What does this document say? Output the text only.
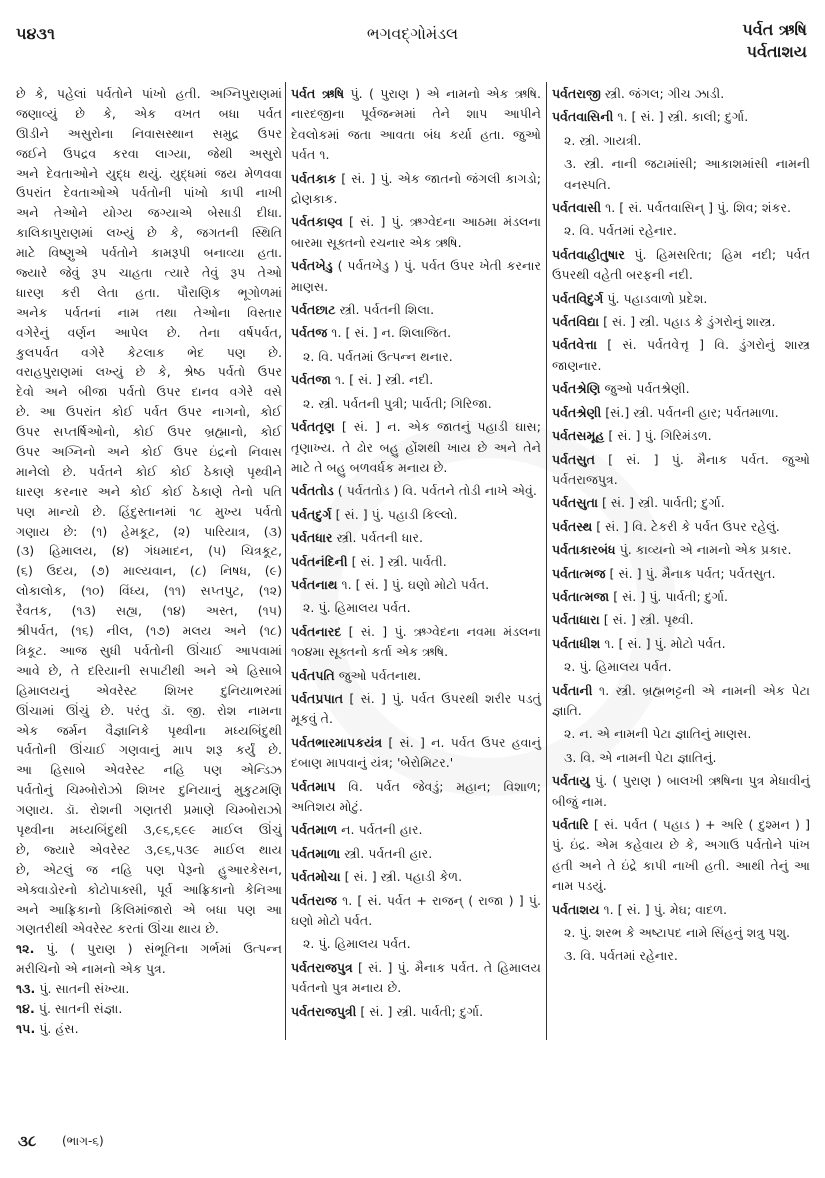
૫૪૩૧	ભગવદ્ગોમંડલ	પર્વત ઋષિ
પર્વતાશય
છે કે, પહેલાં પર્વતોને પાંખો હતી. અગ્નિપુરાણમાં
જણાવ્યું છે કે, એક વખત બધા પર્વત
ઊડીને અસુરોના નિવાસસ્થાન સમુદ્ર ઉપર
જઈને ઉપદ્રવ કરવા લાગ્યા, જેથી અસુરો
અને દેવતાઓને યુદ્ધ થયું. યુદ્ધમાં જય મેળવવા
ઉપરાંત દેવતાઓએ પર્વતોની પાંખો કાપી નાખી
અને તેઓને યોગ્ય જગ્યાએ બેસાડી દીધા.
કાલિકાપુરાણમાં લખ્યું છે કે, જગતની સ્થિતિ
માટે વિષ્ણુએ પર્વતોને કામરૂપી બનાવ્યા હતા.
જ્યારે જેવું રૂપ ચાહતા ત્યારે તેવું રૂપ તેઓ
ધારણ કરી લેતા હતા. પૌરાણિક ભૂગોળમાં
અનેક પર્વતનાં નામ તથા તેઓના વિસ્તાર
વગેરેનું વર્ણન આપેલ છે. તેના વર્ષપર્વત,
કુલપર્વત વગેરે કેટલાક ભેદ પણ છે.
વરાહપુરાણમાં લખ્યું છે કે, શ્રેષ્ઠ પર્વતો ઉપર
દેવો અને બીજા પર્વતો ઉપર દાનવ વગેરે વસે
છે. આ ઉપરાંત કોઈ પર્વત ઉપર નાગનો, કોઈ
ઉપર સપ્તર્ષિઓનો, કોઈ ઉપર બ્રહ્માનો, કોઈ
ઉપર અગ્નિનો અને કોઈ ઉપર ઇંદ્રનો નિવાસ
માનેલો છે. પર્વતને કોઈ કોઈ ઠેકાણે પૃથ્વીને
ધારણ કરનાર અને કોઈ કોઈ ઠેકાણે તેનો પતિ
પણ માન્યો છે. હિંદુસ્તાનમાં ૧૮ મુખ્ય પર્વતો
ગણાય છે: (૧) હેમકૂટ, (૨) પારિયાત્ર, (૩)
(૩) હિમાલય, (૪) ગંધમાદન, (૫) ચિત્રકૂટ,
(૬) ઉદય, (૭) માલ્યવાન, (૮) નિષધ, (૯)
લોકાલોક, (૧૦) વિંધ્ય, (૧૧) સપ્તપુટ, (૧૨)
રૈવતક, (૧૩) સહ્ય, (૧૪) અસ્ત, (૧૫)
શ્રીપર્વત, (૧૬) નીલ, (૧૭) મલય અને (૧૮)
ત્રિકૂટ. આજ સુધી પર્વતોની ઊંચાઈ આપવામાં
આવે છે, તે દરિયાની સપાટીથી અને એ હિસાબે
હિમાલયનું એવરેસ્ટ શિખર દુનિયાભરમાં
ઊંચામાં ઊંચું છે. પરંતુ ડૉ. જી. રોશ નામના
એક જર્મન વૈજ્ઞાનિકે પૃથ્વીના મધ્યબિંદુથી
પર્વતોની ઊંચાઈ ગણવાનું માપ શરૂ કર્યું છે.
આ હિસાબે એવરેસ્ટ નહિ પણ એન્ડિઝ
પર્વતોનું ચિમ્બોરોઝો શિખર દુનિયાનું મુકુટમણિ
ગણાય. ડૉ. રોશની ગણતરી પ્રમાણે ચિમ્બોરાઝો
પૃથ્વીના મધ્યબિંદુથી ૩,૯૬,૬૯૯ માઈલ ઊંચું
છે, જ્યારે એવરેસ્ટ ૩,૯૬,૫૩૯ માઈલ થાય
છે, એટલું જ નહિ પણ પેરૂનો હુઆરકેસન,
એક્વાડોરનો કોટોપાક્સી, પૂર્વ આફ્રિકાનો કેનિઆ
અને આફ્રિકાનો કિલિમાંજારો એ બધા પણ આ
ગણતરીથી એવરેસ્ટ કરતાં ઊંચા થાય છે.
૧૨. પું. ( પુરાણ ) સંભૂતિના ગર્ભમાં ઉત્પન્ન
મરીચિનો એ નામનો એક પુત્ર.
૧૩. પું. સાતની સંખ્યા.
૧૪. પું. સાતની સંજ્ઞા.
૧૫. પું. હંસ.
પર્વત ઋષિ પું. ( પુરાણ ) એ નામનો એક ઋષિ. નારદજીના પૂર્વજન્મમાં તેને શાપ આપીને દેવલોકમાં જતા આવતા બંધ કર્યા હતા. જુઓ પર્વત ૧.
પર્વતકાક [ સં. ] પું. એક જાતનો જંગલી કાગડો; દ્રોણકાક.
પર્વતકાણ્વ [ સં. ] પું. ઋગ્વેદના આઠમા મંડલના બારમા સૂક્તનો રચનાર એક ઋષિ.
પર્વતખેડુ ( પર્વતખેડુ ) પું. પર્વત ઉપર ખેતી કરનાર માણસ.
પર્વતછાટ સ્ત્રી. પર્વતની શિલા.
પર્વતજ ૧. [ સં. ] ન. શિલાજિત.
૨. વિ. પર્વતમાં ઉત્પન્ન થનાર.
પર્વતજા ૧. [ સં. ] સ્ત્રી. નદી.
૨. સ્ત્રી. પર્વતની પુત્રી; પાર્વતી; ગિરિજા.
પર્વતતૃણ [ સં. ] ન. એક જાતનું પહાડી ઘાસ; તૃણાખ્ય. તે ઢોર બહુ હોંશથી ખાય છે અને તેને માટે તે બહુ બળવર્ધક મનાય છે.
પર્વતતોડ ( પર્વતતોડ ) વિ. પર્વતને તોડી નાખે એવું.
પર્વતદુર્ગ [ સં. ] પું. પહાડી કિલ્લો.
પર્વતધાર સ્ત્રી. પર્વતની ધાર.
પર્વતનંદિની [ સં. ] સ્ત્રી. પાર્વતી.
પર્વતનાથ ૧. [ સં. ] પું. ઘણો મોટો પર્વત.
૨. પું. હિમાલય પર્વત.
પર્વતનારદ [ સં. ] પું. ઋગ્વેદના નવમા મંડલના ૧૦૪મા સૂક્તનો કર્તા એક ઋષિ.
પર્વતપતિ જુઓ પર્વતનાથ.
પર્વતપ્રપાત [ સં. ] પું. પર્વત ઉપરથી શરીર પડતું મૂકવું તે.
પર્વતભારમાપકયંત્ર [ સં. ] ન. પર્વત ઉપર હવાનું દબાણ માપવાનું યંત્ર; 'બેરોમિટર.'
પર્વતમાપ વિ. પર્વત જેવડું; મહાન; વિશાળ; અતિશય મોટું.
પર્વતમાળ ન. પર્વતની હાર.
પર્વતમાળા સ્ત્રી. પર્વતની હાર.
પર્વતમોચા [ સં. ] સ્ત્રી. પહાડી કેળ.
પર્વતરાજ ૧. [ સં. પર્વત + રાજન્ ( રાજા ) ] પું. ઘણો મોટો પર્વત.
૨. પું. હિમાલય પર્વત.
પર્વતરાજપુત્ર [ સં. ] પું. મૈનાક પર્વત. તે હિમાલય પર્વતનો પુત્ર મનાય છે.
પર્વતરાજપુત્રી [ સં. ] સ્ત્રી. પાર્વતી; દુર્ગા.
પર્વતરાજી સ્ત્રી. જંગલ; ગીચ ઝાડી.
પર્વતવાસિની ૧. [ સં. ] સ્ત્રી. કાલી; દુર્ગા.
૨. સ્ત્રી. ગાયત્રી.
૩. સ્ત્રી. નાની જટામાંસી; આકાશમાંસી નામની વનસ્પતિ.
પર્વતવાસી ૧. [ સં. પર્વતવાસિન્ ] પું. શિવ; શંકર.
૨. વિ. પર્વતમાં રહેનાર.
પર્વતવાહીતુષાર પું. હિમસરિતા; હિમ નદી; પર્વત ઉપરથી વહેતી બરફની નદી.
પર્વતવિદુર્ગ પું. પહાડવાળો પ્રદેશ.
પર્વતવિદ્યા [ સં. ] સ્ત્રી. પહાડ કે ડુંગરોનું શાસ્ત્ર.
પર્વતવેત્તા [ સં. પર્વતવેત્તૃ ] વિ. ડુંગરોનું શાસ્ત્ર જાણનાર.
પર્વતશ્રેણિ જુઓ પર્વતશ્રેણી.
પર્વતશ્રેણી [સં.] સ્ત્રી. પર્વતની હાર; પર્વતમાળા.
પર્વતસમૂહ [ સં. ] પું. ગિરિમંડળ.
પર્વતસુત [ સં. ] પું. મૈનાક પર્વત. જુઓ પર્વતરાજપુત્ર.
પર્વતસુતા [ સં. ] સ્ત્રી. પાર્વતી; દુર્ગા.
પર્વતસ્થ [ સં. ] વિ. ટેકરી કે પર્વત ઉપર રહેલું.
પર્વતાકારબંધ પું. કાવ્યનો એ નામનો એક પ્રકાર.
પર્વતાત્મજ [ સં. ] પું. મૈનાક પર્વત; પર્વતસુત.
પર્વતાત્મજા [ સં. ] પું. પાર્વતી; દુર્ગા.
પર્વતાધારા [ સં. ] સ્ત્રી. પૃથ્વી.
પર્વતાધીશ ૧. [ સં. ] પું. મોટો પર્વત.
૨. પું. હિમાલય પર્વત.
પર્વતાની ૧. સ્ત્રી. બ્રહ્મભટ્ટની એ નામની એક પેટા જ્ઞાતિ.
૨. ન. એ નામની પેટા જ્ઞાતિનું માણસ.
૩. વિ. એ નામની પેટા જ્ઞાતિનું.
પર્વતાયુ પું. ( પુરાણ ) બાલખી ઋષિના પુત્ર મેધાવીનું બીજું નામ.
પર્વતારિ [ સં. પર્વત ( પહાડ ) + અરિ ( દુશ્મન ) ] પું. ઇંદ્ર. એમ કહેવાય છે કે, અગાઉ પર્વતોને પાંખ હતી અને તે ઇંદ્રે કાપી નાખી હતી. આથી તેનું આ નામ પડયું.
પર્વતાશય ૧. [ સં. ] પું. મેઘ; વાદળ.
૨. પું. શરભ કે અષ્ટાપદ નામે સિંહનું શત્રુ પશુ.
૩. વિ. પર્વતમાં રહેનાર.
૩૮ (ભાગ-૬)
